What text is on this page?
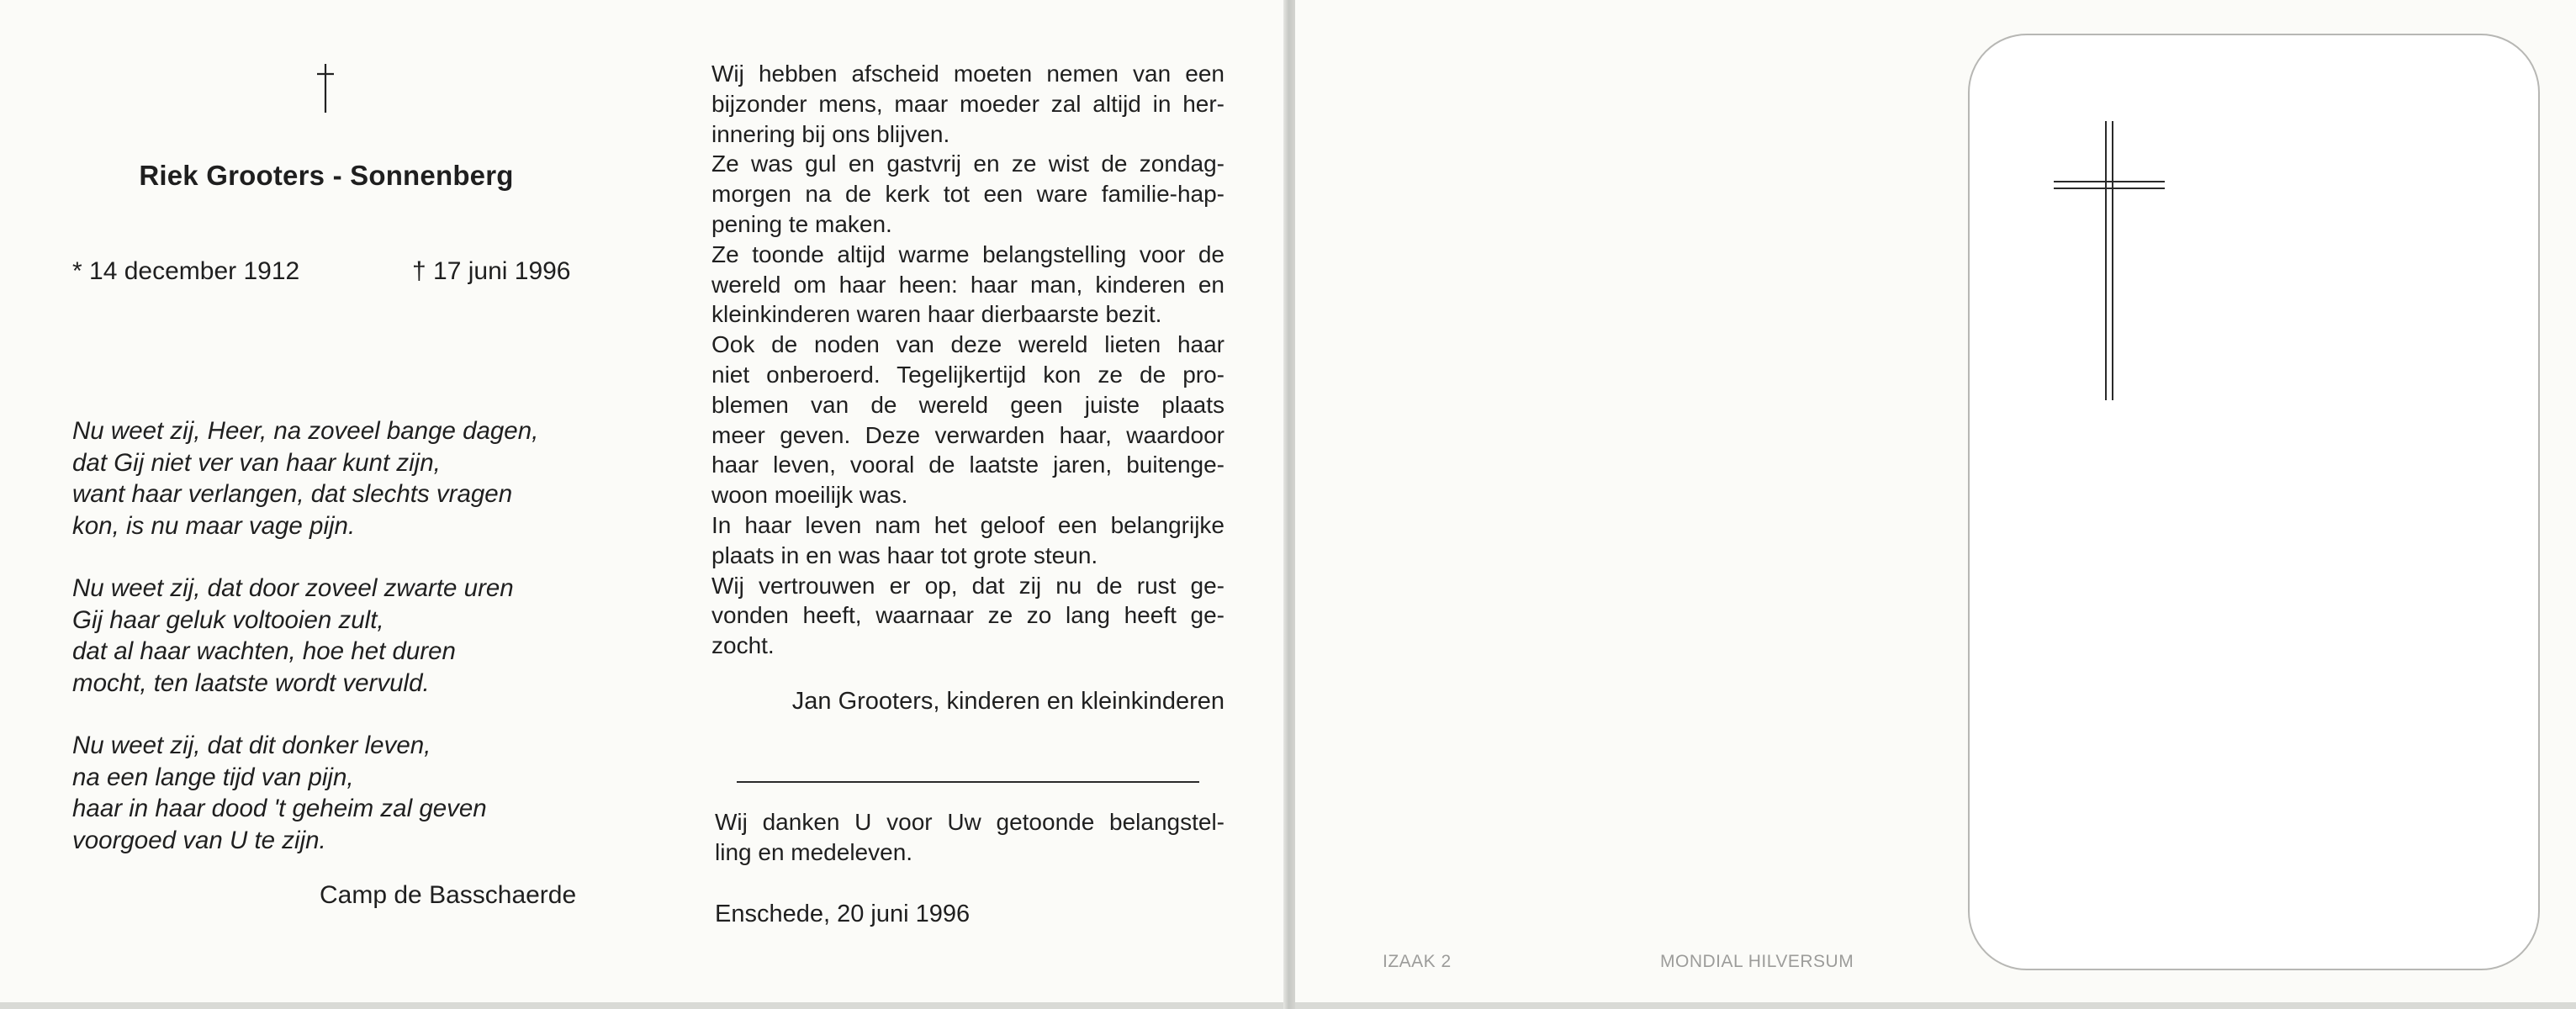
Riek Grooters - Sonnenberg
* 14 december 1912	† 17 juni 1996
Nu weet zij, Heer, na zoveel bange dagen,
dat Gij niet ver van haar kunt zijn,
want haar verlangen, dat slechts vragen
kon, is nu maar vage pijn.
Nu weet zij, dat door zoveel zwarte uren
Gij haar geluk voltooien zult,
dat al haar wachten, hoe het duren
mocht, ten laatste wordt vervuld.
Nu weet zij, dat dit donker leven,
na een lange tijd van pijn,
haar in haar dood 't geheim zal geven
voorgoed van U te zijn.
Camp de Basschaerde
Wij hebben afscheid moeten nemen van een
bijzonder mens, maar moeder zal altijd in her-
innering bij ons blijven.
Ze was gul en gastvrij en ze wist de zondag-
morgen na de kerk tot een ware familie-hap-
pening te maken.
Ze toonde altijd warme belangstelling voor de
wereld om haar heen: haar man, kinderen en
kleinkinderen waren haar dierbaarste bezit.
Ook de noden van deze wereld lieten haar
niet onberoerd. Tegelijkertijd kon ze de pro-
blemen van de wereld geen juiste plaats
meer geven. Deze verwarden haar, waardoor
haar leven, vooral de laatste jaren, buitenge-
woon moeilijk was.
In haar leven nam het geloof een belangrijke
plaats in en was haar tot grote steun.
Wij vertrouwen er op, dat zij nu de rust ge-
vonden heeft, waarnaar ze zo lang heeft ge-
zocht.
Jan Grooters, kinderen en kleinkinderen
Wij danken U voor Uw getoonde belangstel-
ling en medeleven.
Enschede, 20 juni 1996
IZAAK 2	MONDIAL HILVERSUM
